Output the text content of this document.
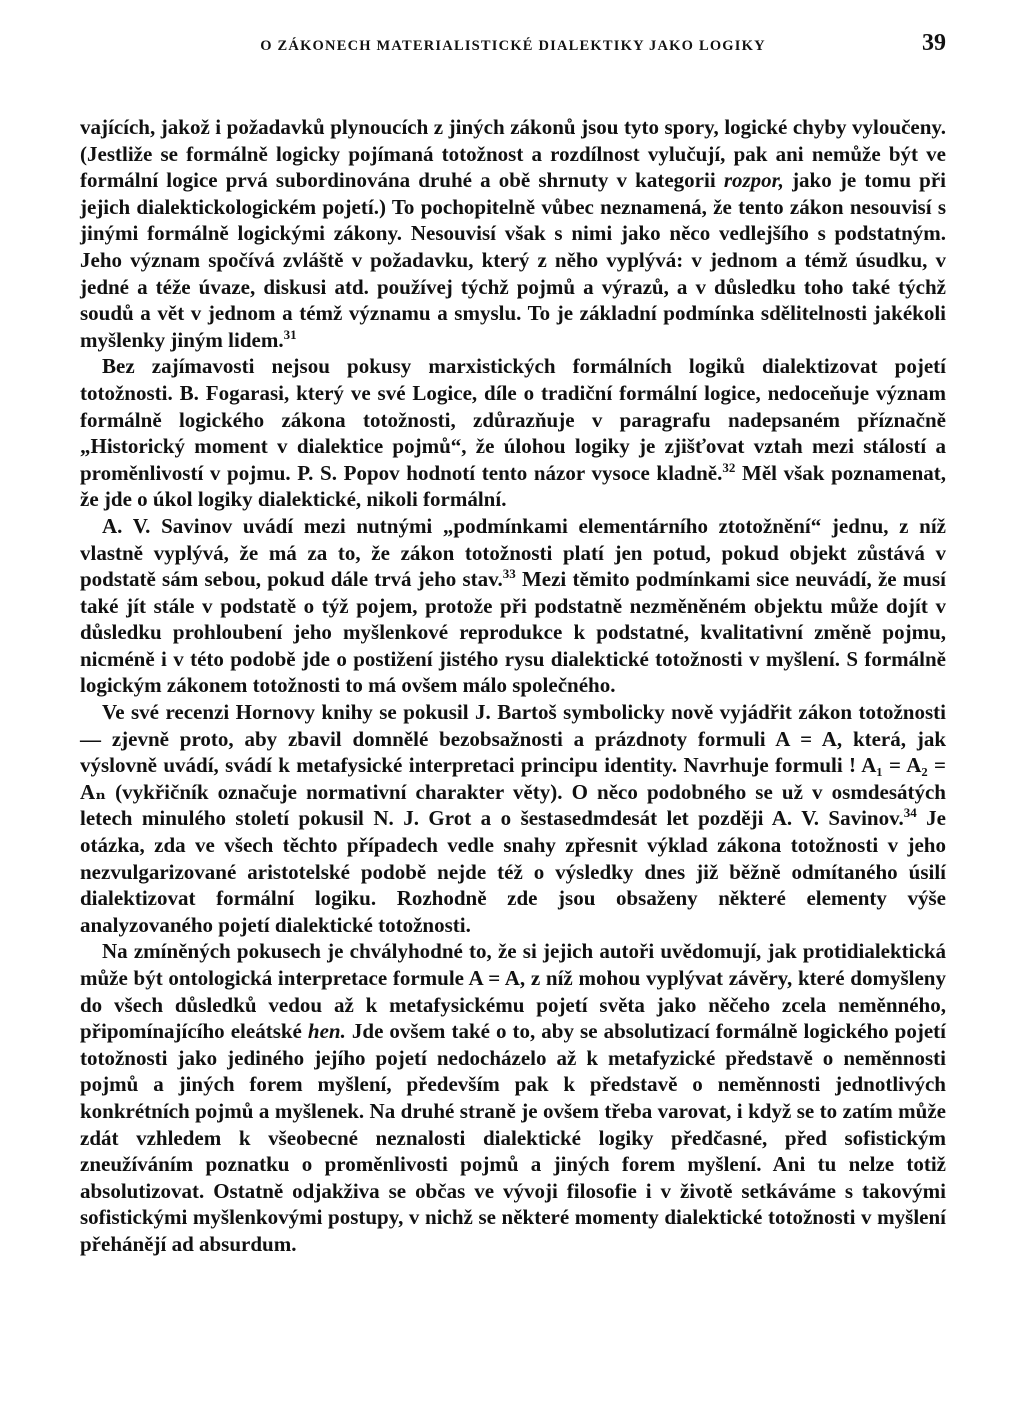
O ZÁKONECH MATERIALISTICKÉ DIALEKTIKY JAKO LOGIKY	39

vajících, jakož i požadavků plynoucích z jiných zákonů jsou tyto spory, logické chyby vyloučeny. (Jestliže se formálně logicky pojímaná totožnost a rozdílnost vylučují, pak ani nemůže být ve formální logice prvá subordinována druhé a obě shrnuty v kategorii rozpor, jako je tomu při jejich dialektickologickém pojetí.) To pochopitelně vůbec neznamená, že tento zákon nesouvisí s jinými formálně logickými zákony. Nesouvisí však s nimi jako něco vedlejšího s podstatným. Jeho význam spočívá zvláště v požadavku, který z něho vyplývá: v jednom a témž úsudku, v jedné a téže úvaze, diskusi atd. používej týchž pojmů a výrazů, a v důsledku toho také týchž soudů a vět v jednom a témž významu a smyslu. To je základní podmínka sdělitelnosti jakékoli myšlenky jiným lidem.$^{31}$

Bez zajímavosti nejsou pokusy marxistických formálních logiků dialektizovat pojetí totožnosti. B. Fogarasi, který ve své Logice, díle o tradiční formální logice, nedoceňuje význam formálně logického zákona totožnosti, zdůrazňuje v paragrafu nadepsaném příznačně „Historický moment v dialektice pojmů“, že úlohou logiky je zjišťovat vztah mezi stálostí a proměnlivostí v pojmu. P. S. Popov hodnotí tento názor vysoce kladně.$^{32}$ Měl však poznamenat, že jde o úkol logiky dialektické, nikoli formální.

A. V. Savinov uvádí mezi nutnými „podmínkami elementárního ztotožnění“ jednu, z níž vlastně vyplývá, že má za to, že zákon totožnosti platí jen potud, pokud objekt zůstává v podstatě sám sebou, pokud dále trvá jeho stav.$^{33}$ Mezi těmito podmínkami sice neuvádí, že musí také jít stále v podstatě o týž pojem, protože při podstatně nezměněném objektu může dojít v důsledku prohloubení jeho myšlenkové reprodukce k podstatné, kvalitativní změně pojmu, nicméně i v této podobě jde o postižení jistého rysu dialektické totožnosti v myšlení. S formálně logickým zákonem totožnosti to má ovšem málo společného.

Ve své recenzi Hornovy knihy se pokusil J. Bartoš symbolicky nově vyjádřit zákon totožnosti — zjevně proto, aby zbavil domnělé bezobsažnosti a prázdnoty formuli A = A, která, jak výslovně uvádí, svádí k metafysické interpretaci principu identity. Navrhuje formuli ! A₁ = A₂ = Aₙ (vykřičník označuje normativní charakter věty). O něco podobného se už v osmdesátých letech minulého století pokusil N. J. Grot a o šestasedmdesát let později A. V. Savinov.$^{34}$ Je otázka, zda ve všech těchto případech vedle snahy zpřesnit výklad zákona totožnosti v jeho nezvulgarizované aristotelské podobě nejde též o výsledky dnes již běžně odmítaného úsilí dialektizovat formální logiku. Rozhodně zde jsou obsaženy některé elementy výše analyzovaného pojetí dialektické totožnosti.

Na zmíněných pokusech je chvályhodné to, že si jejich autoři uvědomují, jak protidialektická může být ontologická interpretace formule A = A, z níž mohou vyplývat závěry, které domyšleny do všech důsledků vedou až k metafysickému pojetí světa jako něčeho zcela neměnného, připomínajícího eleátské hen. Jde ovšem také o to, aby se absolutizací formálně logického pojetí totožnosti jako jediného jejího pojetí nedocházelo až k metafyzické představě o neměnnosti pojmů a jiných forem myšlení, především pak k představě o neměnnosti jednotlivých konkrétních pojmů a myšlenek. Na druhé straně je ovšem třeba varovat, i když se to zatím může zdát vzhledem k všeobecné neznalosti dialektické logiky předčasné, před sofistickým zneužíváním poznatku o proměnlivosti pojmů a jiných forem myšlení. Ani tu nelze totiž absolutizovat. Ostatně odjakživa se občas ve vývoji filosofie i v životě setkáváme s takovými sofistickými myšlenkovými postupy, v nichž se některé momenty dialektické totožnosti v myšlení přehánějí ad absurdum.
